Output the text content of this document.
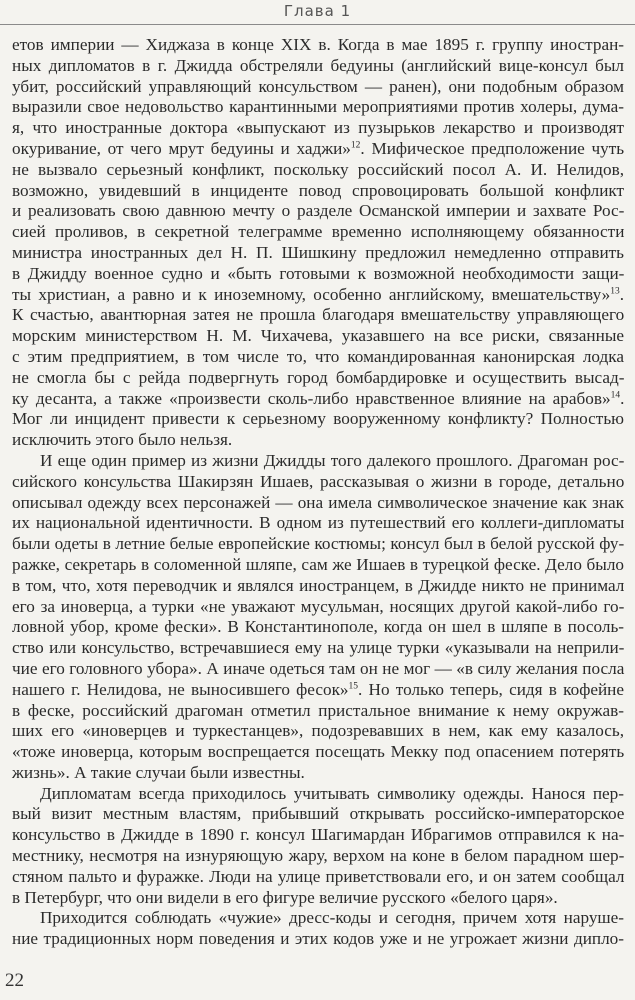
Глава 1
етов империи — Хиджаза в конце XIX в. Когда в мае 1895 г. группу иностран-
ных дипломатов в г. Джидда обстреляли бедуины (английский вице-консул был
убит, российский управляющий консульством — ранен), они подобным образом
выразили свое недовольство карантинными мероприятиями против холеры, дума-
я, что иностранные доктора «выпускают из пузырьков лекарство и производят
окуривание, от чего мрут бедуины и хаджи»$^{12}$. Мифическое предположение чуть
не вызвало серьезный конфликт, поскольку российский посол А. И. Нелидов,
возможно, увидевший в инциденте повод спровоцировать большой конфликт
и реализовать свою давнюю мечту о разделе Османской империи и захвате Рос-
сией проливов, в секретной телеграмме временно исполняющему обязанности
министра иностранных дел Н. П. Шишкину предложил немедленно отправить
в Джидду военное судно и «быть готовыми к возможной необходимости защи-
ты христиан, а равно и к иноземному, особенно английскому, вмешательству»$^{13}$.
К счастью, авантюрная затея не прошла благодаря вмешательству управляющего
морским министерством Н. М. Чихачева, указавшего на все риски, связанные
с этим предприятием, в том числе то, что командированная канонирская лодка
не смогла бы с рейда подвергнуть город бомбардировке и осуществить высад-
ку десанта, а также «произвести сколь-либо нравственное влияние на арабов»$^{14}$.
Мог ли инцидент привести к серьезному вооруженному конфликту? Полностью
исключить этого было нельзя.
И еще один пример из жизни Джидды того далекого прошлого. Драгоман рос-
сийского консульства Шакирзян Ишаев, рассказывая о жизни в городе, детально
описывал одежду всех персонажей — она имела символическое значение как знак
их национальной идентичности. В одном из путешествий его коллеги-дипломаты
были одеты в летние белые европейские костюмы; консул был в белой русской фу-
ражке, секретарь в соломенной шляпе, сам же Ишаев в турецкой феске. Дело было
в том, что, хотя переводчик и являлся иностранцем, в Джидде никто не принимал
его за иноверца, а турки «не уважают мусульман, носящих другой какой-либо го-
ловной убор, кроме фески». В Константинополе, когда он шел в шляпе в посоль-
ство или консульство, встречавшиеся ему на улице турки «указывали на неприли-
чие его головного убора». А иначе одеться там он не мог — «в силу желания посла
нашего г. Нелидова, не выносившего фесок»$^{15}$. Но только теперь, сидя в кофейне
в феске, российский драгоман отметил пристальное внимание к нему окружав-
ших его «иноверцев и туркестанцев», подозревавших в нем, как ему казалось,
«тоже иноверца, которым воспрещается посещать Мекку под опасением потерять
жизнь». А такие случаи были известны.
Дипломатам всегда приходилось учитывать символику одежды. Нанося пер-
вый визит местным властям, прибывший открывать российско-императорское
консульство в Джидде в 1890 г. консул Шагимардан Ибрагимов отправился к на-
местнику, несмотря на изнуряющую жару, верхом на коне в белом парадном шер-
стяном пальто и фуражке. Люди на улице приветствовали его, и он затем сообщал
в Петербург, что они видели в его фигуре величие русского «белого царя».
Приходится соблюдать «чужие» дресс-коды и сегодня, причем хотя наруше-
ние традиционных норм поведения и этих кодов уже и не угрожает жизни дипло-
22
